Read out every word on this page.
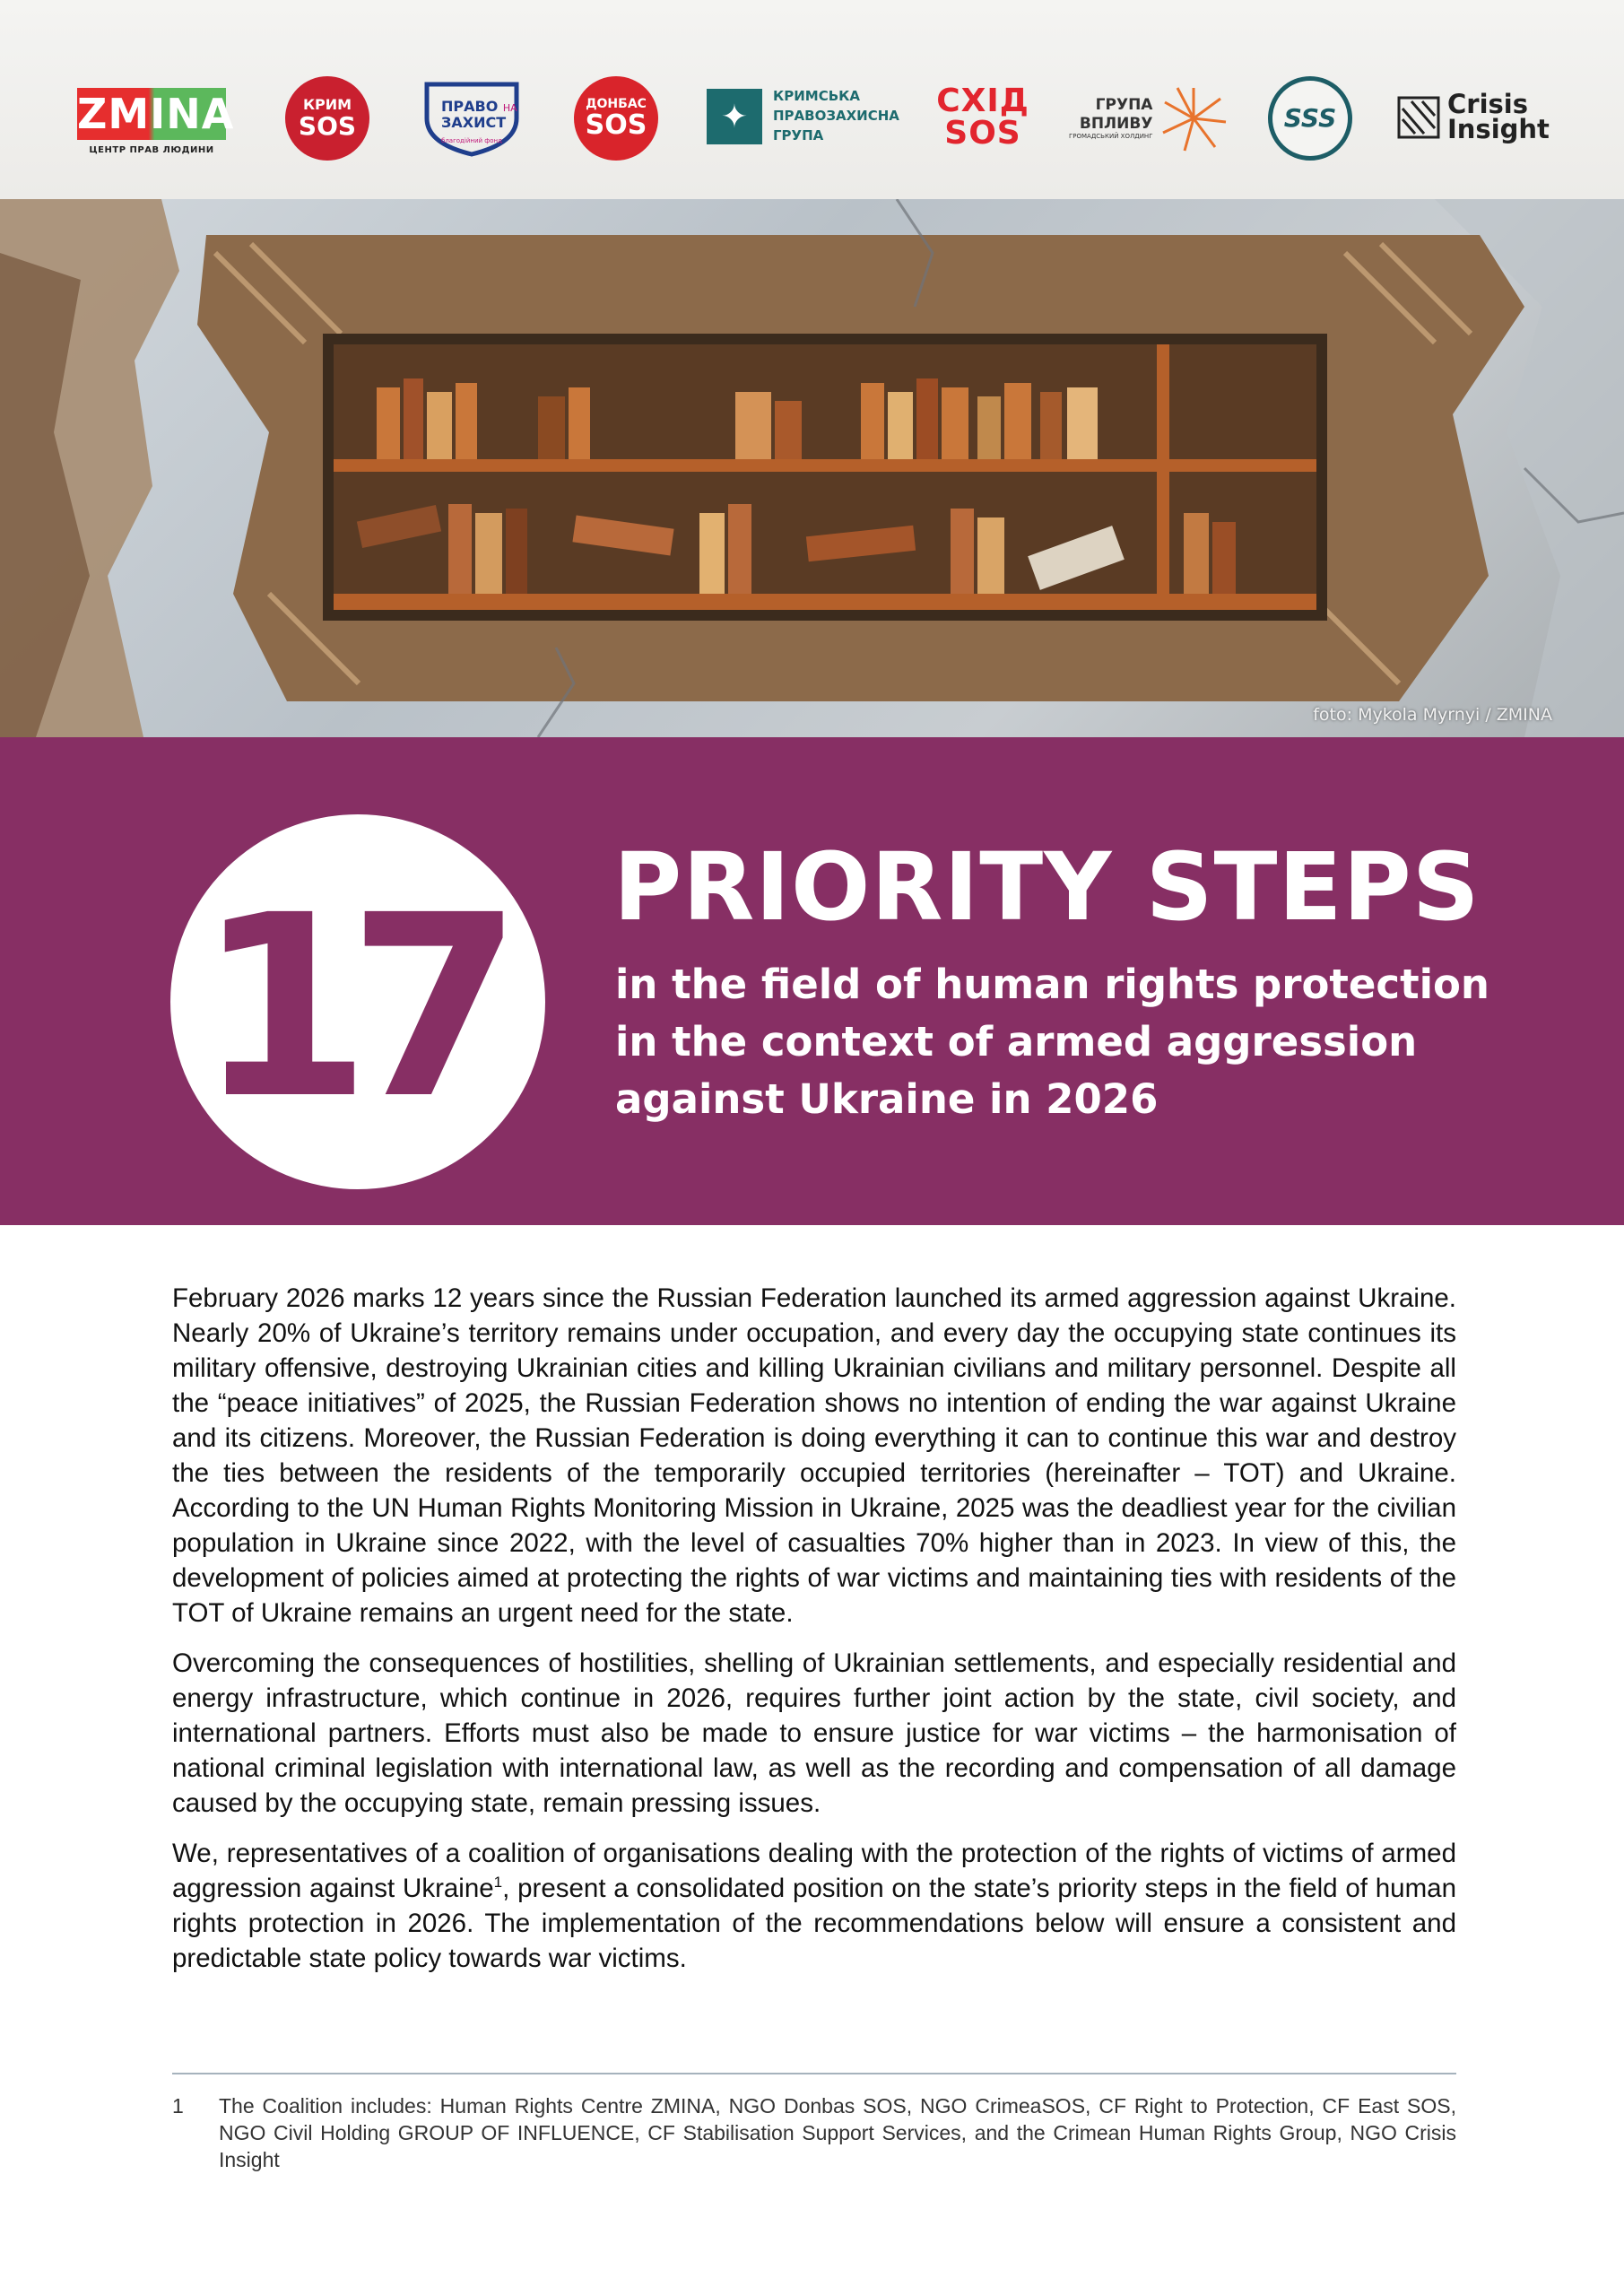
ZMINA
ЦЕНТР ПРАВ ЛЮДИНИ
КРИМ
SOS
ПРАВО НА
ЗАХИСТ
благодійний фонд
ДОНБАС
SOS	✦
КРИМСЬКА
ПРАВОЗАХИСНА
ГРУПА
СХІД
SOS
ГРУПА
ВПЛИВУ
ГРОМАДСЬКИЙ ХОЛДИНГ
SSS	Crisis
Insight
foto: Mykola Myrnyi / ZMINA
17 PRIORITY STEPS
in the field of human rights protection in the context of armed aggression against Ukraine in 2026

February 2026 marks 12 years since the Russian Federation launched its armed aggression against Ukraine. Nearly 20% of Ukraine’s territory remains under occupation, and every day the occupying state continues its military offensive, destroying Ukrainian cities and killing Ukrainian civilians and military personnel. Despite all the “peace initiatives” of 2025, the Russian Federation shows no intention of ending the war against Ukraine and its citizens. Moreover, the Russian Federation is doing everything it can to continue this war and destroy the ties between the residents of the temporarily occupied territories (hereinafter – TOT) and Ukraine. According to the UN Human Rights Monitoring Mission in Ukraine, 2025 was the deadliest year for the civilian population in Ukraine since 2022, with the level of casualties 70% higher than in 2023. In view of this, the development of policies aimed at protecting the rights of war victims and maintaining ties with residents of the TOT of Ukraine remains an urgent need for the state.

Overcoming the consequences of hostilities, shelling of Ukrainian settlements, and especially residential and energy infrastructure, which continue in 2026, requires further joint action by the state, civil society, and international partners. Efforts must also be made to ensure justice for war victims – the harmonisation of national criminal legislation with international law, as well as the recording and compensation of all damage caused by the occupying state, remain pressing issues.

We, representatives of a coalition of organisations dealing with the protection of the rights of victims of armed aggression against Ukraine$^1$, present a consolidated position on the state’s priority steps in the field of human rights protection in 2026. The implementation of the recommendations below will ensure a consistent and predictable state policy towards war victims.

1	The Coalition includes: Human Rights Centre ZMINA, NGO Donbas SOS, NGO CrimeaSOS, CF Right to Protection, CF East SOS, NGO Civil Holding GROUP OF INFLUENCE, CF Stabilisation Support Services, and the Crimean Human Rights Group, NGO Crisis Insight
